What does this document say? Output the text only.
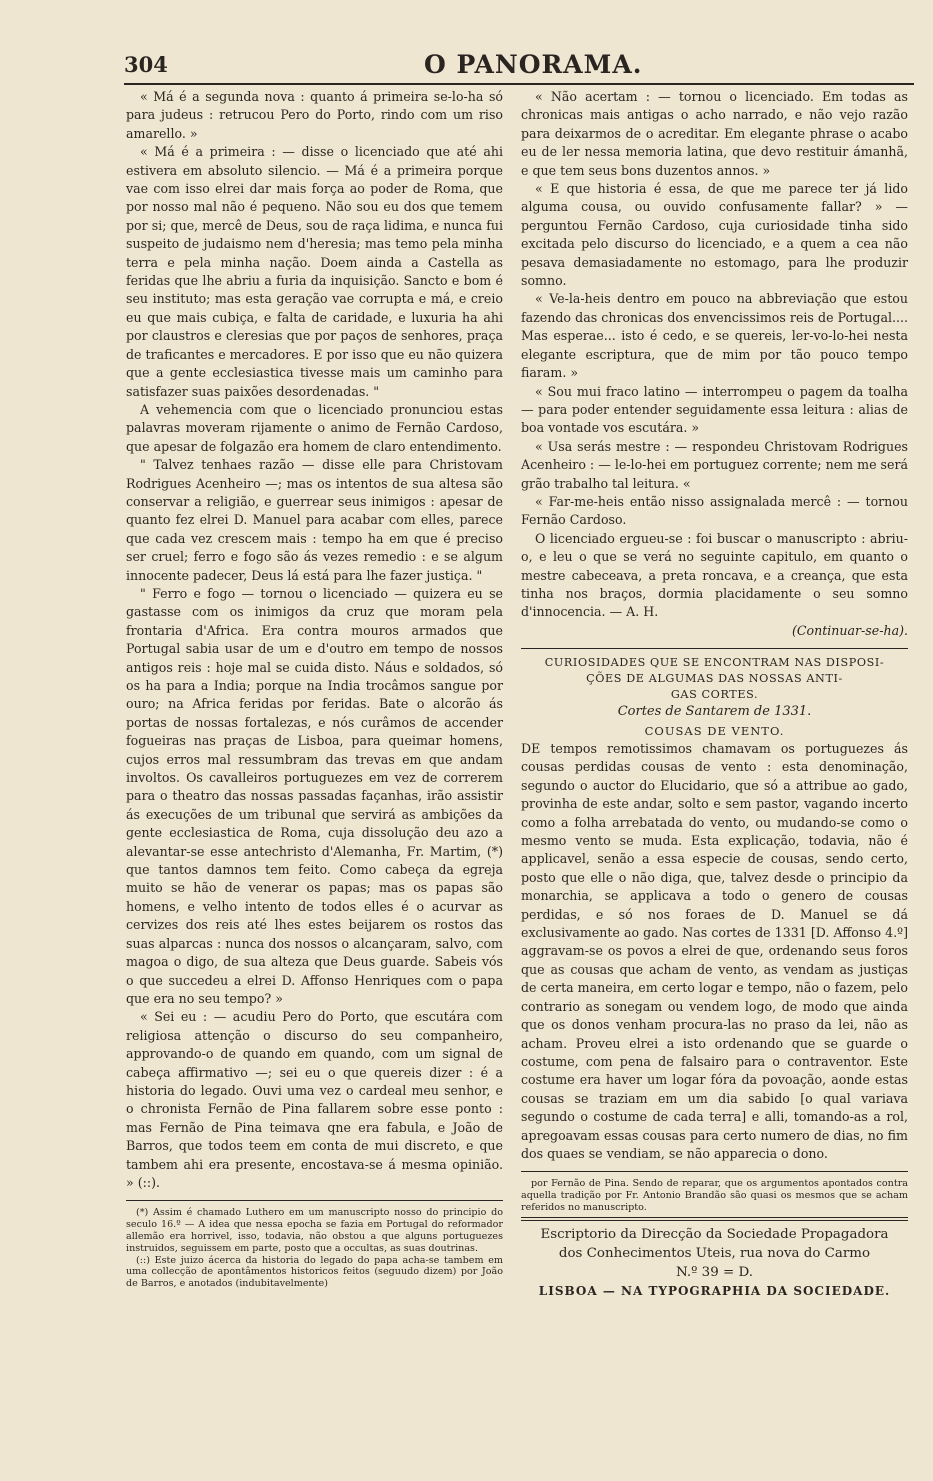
304	O PANORAMA.

« Má é a segunda nova : quanto á primeira se-lo-ha só para judeus : retrucou Pero do Porto, rindo com um riso amarello. »

« Má é a primeira : — disse o licenciado que até ahi estivera em absoluto silencio. — Má é a primeira porque vae com isso elrei dar mais força ao poder de Roma, que por nosso mal não é pequeno. Não sou eu dos que temem por si; que, mercê de Deus, sou de raça lidima, e nunca fui suspeito de judaismo nem d'heresia; mas temo pela minha terra e pela minha nação. Doem ainda a Castella as feridas que lhe abriu a furia da inquisição. Sancto e bom é seu instituto; mas esta geração vae corrupta e má, e creio eu que mais cubiça, e falta de caridade, e luxuria ha ahi por claustros e cleresias que por paços de senhores, praça de traficantes e mercadores. E por isso que eu não quizera que a gente ecclesiastica tivesse mais um caminho para satisfazer suas paixões desordenadas. "

A vehemencia com que o licenciado pronunciou estas palavras moveram rijamente o animo de Fernão Cardoso, que apesar de folgazão era homem de claro entendimento.

" Talvez tenhaes razão — disse elle para Christovam Rodrigues Acenheiro —; mas os intentos de sua altesa são conservar a religião, e guerrear seus inimigos : apesar de quanto fez elrei D. Manuel para acabar com elles, parece que cada vez crescem mais : tempo ha em que é preciso ser cruel; ferro e fogo são ás vezes remedio : e se algum innocente padecer, Deus lá está para lhe fazer justiça. "

" Ferro e fogo — tornou o licenciado — quizera eu se gastasse com os inimigos da cruz que moram pela frontaria d'Africa. Era contra mouros armados que Portugal sabia usar de um e d'outro em tempo de nossos antigos reis : hoje mal se cuida disto. Náus e soldados, só os ha para a India; porque na India trocâmos sangue por ouro; na Africa feridas por feridas. Bate o alcorão ás portas de nossas fortalezas, e nós curâmos de accender fogueiras nas praças de Lisboa, para queimar homens, cujos erros mal ressumbram das trevas em que andam involtos. Os cavalleiros portuguezes em vez de correrem para o theatro das nossas passadas façanhas, irão assistir ás execuções de um tribunal que servirá as ambições da gente ecclesiastica de Roma, cuja dissolução deu azo a alevantar-se esse antechristo d'Alemanha, Fr. Martim, (*) que tantos damnos tem feito. Como cabeça da egreja muito se hão de venerar os papas; mas os papas são homens, e velho intento de todos elles é o acurvar as cervizes dos reis até lhes estes beijarem os rostos das suas alparcas : nunca dos nossos o alcançaram, salvo, com magoa o digo, de sua alteza que Deus guarde. Sabeis vós o que succedeu a elrei D. Affonso Henriques com o papa que era no seu tempo? »

« Sei eu : — acudiu Pero do Porto, que escutára com religiosa attenção o discurso do seu companheiro, approvando-o de quando em quando, com um signal de cabeça affirmativo —; sei eu o que quereis dizer : é a historia do legado. Ouvi uma vez o cardeal meu senhor, e o chronista Fernão de Pina fallarem sobre esse ponto : mas Fernão de Pina teimava qne era fabula, e João de Barros, que todos teem em conta de mui discreto, e que tambem ahi era presente, encostava-se á mesma opinião. » (::).

(*) Assim é chamado Luthero em um manuscripto nosso do principio do seculo 16.º — A idea que nessa epocha se fazia em Portugal do reformador allemão era horrivel, isso, todavia, não obstou a que alguns portuguezes instruidos, seguissem em parte, posto que a occultas, as suas doutrinas.

(::) Este juizo ácerca da historia do legado do papa acha-se tambem em uma collecção de apontâmentos historicos feitos (seguudo dizem) por João de Barros, e anotados (indubitavelmente)

« Não acertam : — tornou o licenciado. Em todas as chronicas mais antigas o acho narrado, e não vejo razão para deixarmos de o acreditar. Em elegante phrase o acabo eu de ler nessa memoria latina, que devo restituir ámanhã, e que tem seus bons duzentos annos. »

« E que historia é essa, de que me parece ter já lido alguma cousa, ou ouvido confusamente fallar? » — perguntou Fernão Cardoso, cuja curiosidade tinha sido excitada pelo discurso do licenciado, e a quem a cea não pesava demasiadamente no estomago, para lhe produzir somno.

« Ve-la-heis dentro em pouco na abbreviação que estou fazendo das chronicas dos envencissimos reis de Portugal.... Mas esperae... isto é cedo, e se quereis, ler-vo-lo-hei nesta elegante escriptura, que de mim por tão pouco tempo fiaram. »

« Sou mui fraco latino — interrompeu o pagem da toalha — para poder entender seguidamente essa leitura : alias de boa vontade vos escutára. »

« Usa serás mestre : — respondeu Christovam Rodrigues Acenheiro : — le-lo-hei em portuguez corrente; nem me será grão trabalho tal leitura. «

« Far-me-heis então nisso assignalada mercê : — tornou Fernão Cardoso.

O licenciado ergueu-se : foi buscar o manuscripto : abriu-o, e leu o que se verá no seguinte capitulo, em quanto o mestre cabeceava, a preta roncava, e a creança, que esta tinha nos braços, dormia placidamente o seu somno d'innocencia. — A. H.

(Continuar-se-ha).

CURIOSIDADES QUE SE ENCONTRAM NAS DISPOSI-

ÇÕES DE ALGUMAS DAS NOSSAS ANTI-

GAS CORTES.

Cortes de Santarem de 1331.

COUSAS DE VENTO.

DE tempos remotissimos chamavam os portuguezes ás cousas perdidas cousas de vento : esta denominação, segundo o auctor do Elucidario, que só a attribue ao gado, provinha de este andar, solto e sem pastor, vagando incerto como a folha arrebatada do vento, ou mudando-se como o mesmo vento se muda. Esta explicação, todavia, não é applicavel, senão a essa especie de cousas, sendo certo, posto que elle o não diga, que, talvez desde o principio da monarchia, se applicava a todo o genero de cousas perdidas, e só nos foraes de D. Manuel se dá exclusivamente ao gado. Nas cortes de 1331 [D. Affonso 4.º] aggravam-se os povos a elrei de que, ordenando seus foros que as cousas que acham de vento, as vendam as justiças de certa maneira, em certo logar e tempo, não o fazem, pelo contrario as sonegam ou vendem logo, de modo que ainda que os donos venham procura-las no praso da lei, não as acham. Proveu elrei a isto ordenando que se guarde o costume, com pena de falsairo para o contraventor. Este costume era haver um logar fóra da povoação, aonde estas cousas se traziam em um dia sabido [o qual variava segundo o costume de cada terra] e alli, tomando-as a rol, apregoavam essas cousas para certo numero de dias, no fim dos quaes se vendiam, se não apparecia o dono.

por Fernão de Pina. Sendo de reparar, que os argumentos apontados contra aquella tradição por Fr. Antonio Brandão são quasi os mesmos que se acham referidos no manuscripto.

Escriptorio da Direcção da Sociedade Propagadora

dos Conhecimentos Uteis, rua nova do Carmo

N.º 39 = D.

LISBOA — NA TYPOGRAPHIA DA SOCIEDADE.
